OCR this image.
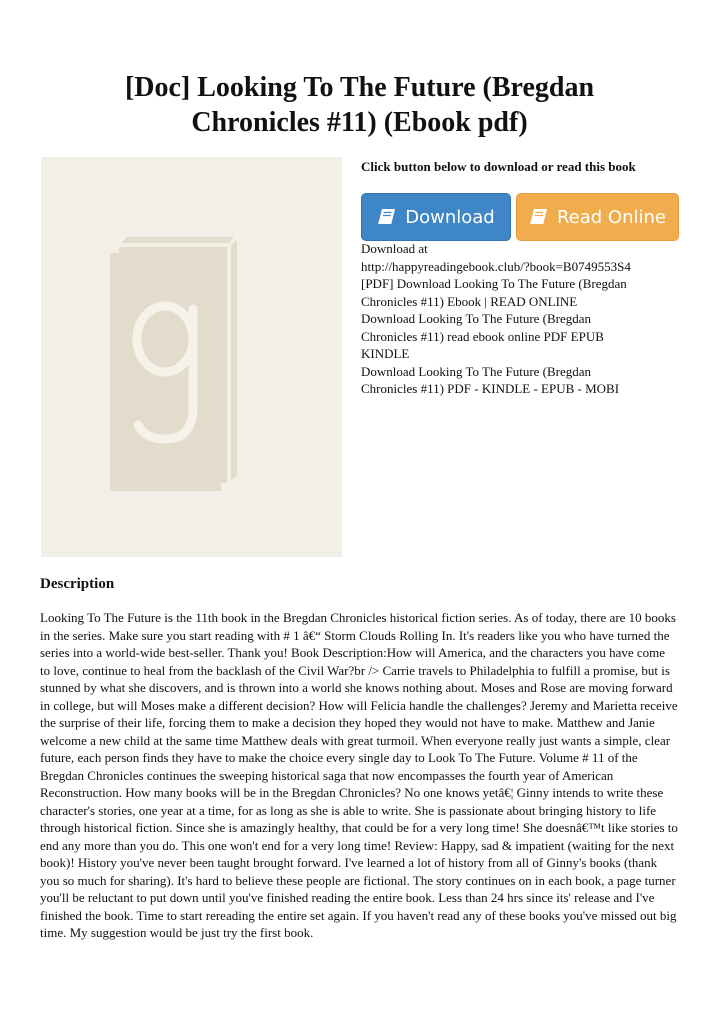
[Doc] Looking To The Future (Bregdan
Chronicles #11) (Ebook pdf)

Click button below to download or read this book

Download	Read Online
Download at
http://happyreadingebook.club/?book=B0749553S4
[PDF] Download Looking To The Future (Bregdan
Chronicles #11) Ebook | READ ONLINE
Download Looking To The Future (Bregdan
Chronicles #11) read ebook online PDF EPUB
KINDLE
Download Looking To The Future (Bregdan
Chronicles #11) PDF - KINDLE - EPUB - MOBI
Description

Looking To The Future is the 11th book in the Bregdan Chronicles historical fiction series. As of today, there are 10 books in the series. Make sure you start reading with # 1 â€“ Storm Clouds Rolling In. It's readers like you who have turned the series into a world-wide best-seller. Thank you! Book Description:How will America, and the characters you have come to love, continue to heal from the backlash of the Civil War?br /> Carrie travels to Philadelphia to fulfill a promise, but is stunned by what she discovers, and is thrown into a world she knows nothing about. Moses and Rose are moving forward in college, but will Moses make a different decision? How will Felicia handle the challenges? Jeremy and Marietta receive the surprise of their life, forcing them to make a decision they hoped they would not have to make. Matthew and Janie welcome a new child at the same time Matthew deals with great turmoil. When everyone really just wants a simple, clear future, each person finds they have to make the choice every single day to Look To The Future. Volume # 11 of the Bregdan Chronicles continues the sweeping historical saga that now encompasses the fourth year of American Reconstruction. How many books will be in the Bregdan Chronicles? No one knows yetâ€¦ Ginny intends to write these character's stories, one year at a time, for as long as she is able to write. She is passionate about bringing history to life through historical fiction. Since she is amazingly healthy, that could be for a very long time! She doesnâ€™t like stories to end any more than you do. This one won't end for a very long time! Review: Happy, sad & impatient (waiting for the next book)! History you've never been taught brought forward. I've learned a lot of history from all of Ginny's books (thank you so much for sharing). It's hard to believe these people are fictional. The story continues on in each book, a page turner you'll be reluctant to put down until you've finished reading the entire book. Less than 24 hrs since its' release and I've finished the book. Time to start rereading the entire set again. If you haven't read any of these books you've missed out big time. My suggestion would be just try the first book.
